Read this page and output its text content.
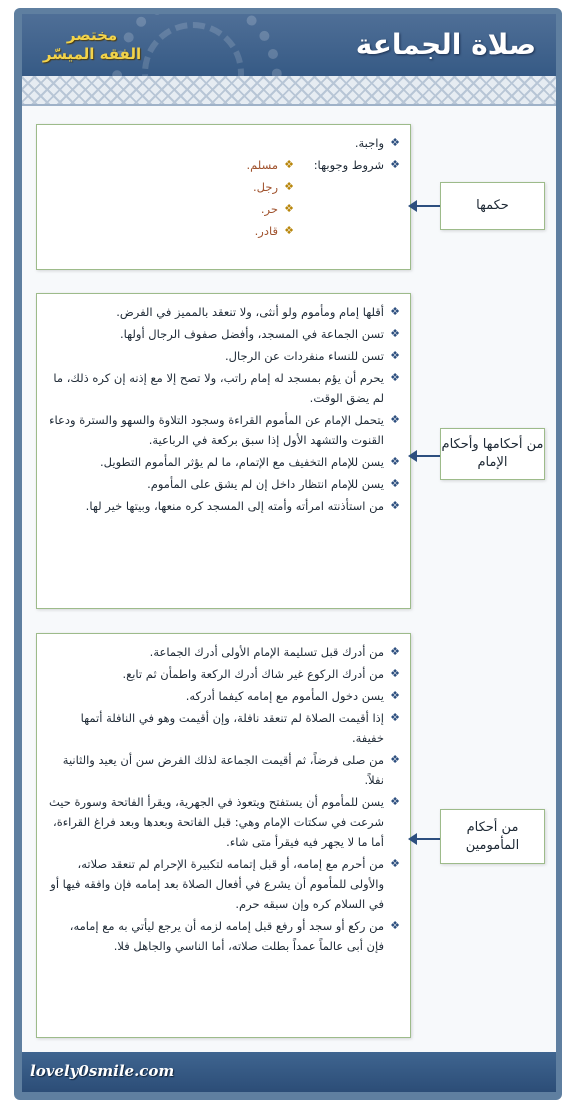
صلاة الجماعة
مختصر
الفقه الميسّر
❖
واجبة.
❖
شروط وجوبها:
❖
مسلم.
❖
رجل.
❖
حر.
❖
قادر.
حكمها
❖
أقلها إمام ومأموم ولو أنثى، ولا تنعقد بالمميز في الفرض.
❖
تسن الجماعة في المسجد، وأفضل صفوف الرجال أولها.
❖
تسن للنساء منفردات عن الرجال.
❖
يحرم أن يؤم بمسجد له إمام راتب، ولا تصح إلا مع إذنه إن كره ذلك، ما لم يضق الوقت.
❖
يتحمل الإمام عن المأموم القراءة وسجود التلاوة والسهو والسترة ودعاء القنوت والتشهد الأول إذا سبق بركعة في الرباعية.
❖
يسن للإمام التخفيف مع الإتمام، ما لم يؤثر المأموم التطويل.
❖
يسن للإمام انتظار داخل إن لم يشق على المأموم.
❖
من استأذنته امرأته وأمته إلى المسجد كره منعها، وبيتها خير لها.
من أحكامها وأحكام الإمام
❖
من أدرك قبل تسليمة الإمام الأولى أدرك الجماعة.
❖
من أدرك الركوع غير شاك أدرك الركعة واطمأن ثم تابع.
❖
يسن دخول المأموم مع إمامه كيفما أدركه.
❖
إذا أقيمت الصلاة لم تنعقد نافلة، وإن أقيمت وهو في النافلة أتمها خفيفة.
❖
من صلى فرضاً، ثم أقيمت الجماعة لذلك الفرض سن أن يعيد والثانية نفلاً.
❖
يسن للمأموم أن يستفتح ويتعوذ في الجهرية، ويقرأ الفاتحة وسورة حيث شرعت في سكتات الإمام وهي: قبل الفاتحة وبعدها وبعد فراغ القراءة، أما ما لا يجهر فيه فيقرأ متى شاء.
❖
من أحرم مع إمامه، أو قبل إتمامه لتكبيرة الإحرام لم تنعقد صلاته، والأولى للمأموم أن يشرع في أفعال الصلاة بعد إمامه فإن وافقه فيها أو في السلام كره وإن سبقه حرم.
❖
من ركع أو سجد أو رفع قبل إمامه لزمه أن يرجع ليأتي به مع إمامه، فإن أبى عالماً عمداً بطلت صلاته، أما الناسي والجاهل فلا.
من أحكام المأمومين
lovely0smile.com
